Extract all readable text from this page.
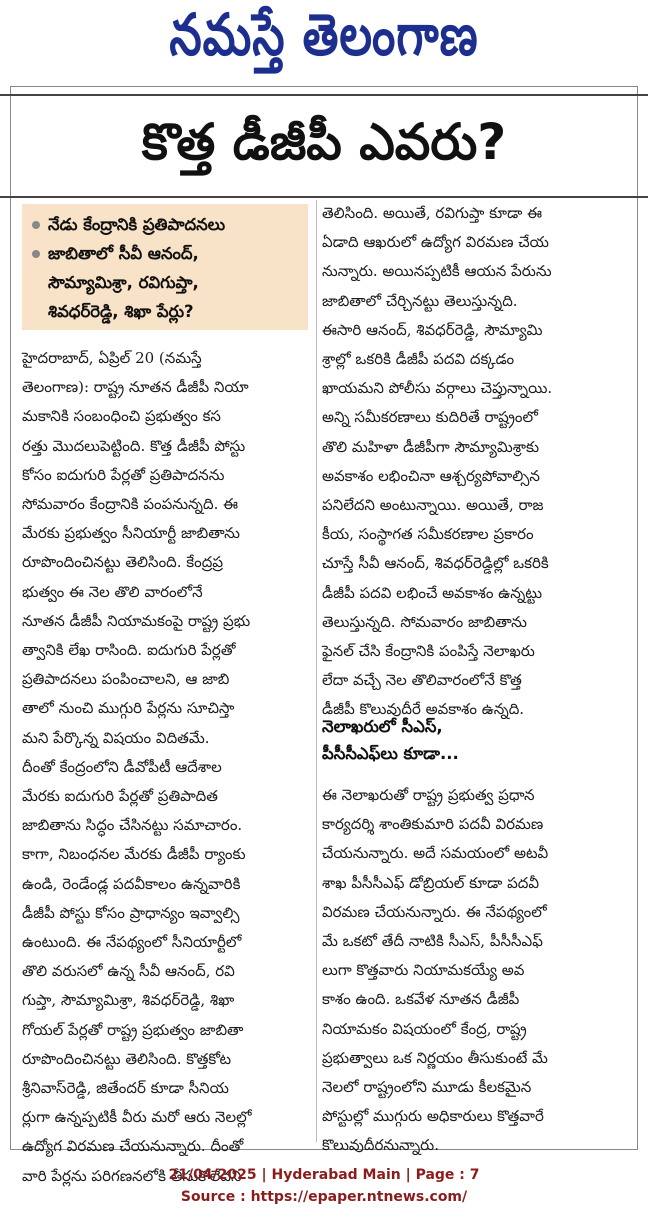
నమస్తే తెలంగాణ
కొత్త డీజీపీ ఎవరు?
నేడు కేంద్రానికి ప్రతిపాదనలు
జాబితాలో సీవీ ఆనంద్,
సౌమ్యామిశ్రా, రవిగుప్తా,
శివధర్‌రెడ్డి, శిఖా పేర్లు?
హైదరాబాద్, ఏప్రిల్ 20 (నమస్తే
తెలంగాణ): రాష్ట్ర నూతన డీజీపీ నియా
మకానికి సంబంధించి ప్రభుత్వం కస
రత్తు మొదలుపెట్టింది. కొత్త డీజీపీ పోస్టు
కోసం ఐదుగురి పేర్లతో ప్రతిపాదనను
సోమవారం కేంద్రానికి పంపనున్నది. ఈ
మేరకు ప్రభుత్వం సీనియార్టీ జాబితాను
రూపొందించినట్టు తెలిసింది. కేంద్రప్ర
భుత్వం ఈ నెల తొలి వారంలోనే
నూతన డీజీపీ నియామకంపై రాష్ట్ర ప్రభు
త్వానికి లేఖ రాసింది. ఐదుగురి పేర్లతో
ప్రతిపాదనలు పంపించాలని, ఆ జాబి
తాలో నుంచి ముగ్గురి పేర్లను సూచిస్తా
మని పేర్కొన్న విషయం విదితమే.
దీంతో కేంద్రంలోని డీవోపీటీ ఆదేశాల
మేరకు ఐదుగురి పేర్లతో ప్రతిపాదిత
జాబితాను సిద్ధం చేసినట్టు సమాచారం.
కాగా, నిబంధనల మేరకు డీజీపీ ర్యాంకు
ఉండి, రెండేండ్ల పదవీకాలం ఉన్నవారికి
డీజీపీ పోస్టు కోసం ప్రాధాన్యం ఇవ్వాల్సి
ఉంటుంది. ఈ నేపథ్యంలో సీనియార్టీలో
తొలి వరుసలో ఉన్న సీవీ ఆనంద్, రవి
గుప్తా, సౌమ్యామిశ్రా, శివధర్‌రెడ్డి, శిఖా
గోయల్ పేర్లతో రాష్ట్ర ప్రభుత్వం జాబితా
రూపొందించినట్టు తెలిసింది. కొత్తకోట
శ్రీనివాస్‌రెడ్డి, జితేందర్ కూడా సీనియ
ర్లుగా ఉన్నప్పటికీ వీరు మరో ఆరు నెలల్లో
ఉద్యోగ విరమణ చేయనున్నారు. దీంతో
వారి పేర్లను పరిగణనలోకి తీసుకోలేదని
తెలిసింది. అయితే, రవిగుప్తా కూడా ఈ
ఏడాది ఆఖరులో ఉద్యోగ విరమణ చేయ
నున్నారు. అయినప్పటికీ ఆయన పేరును
జాబితాలో చేర్చినట్టు తెలుస్తున్నది.
ఈసారి ఆనంద్, శివధర్‌రెడ్డి, సౌమ్యామి
శ్రాల్లో ఒకరికి డీజీపీ పదవి దక్కడం
ఖాయమని పోలీసు వర్గాలు చెప్తున్నాయి.
అన్ని సమీకరణాలు కుదిరితే రాష్ట్రంలో
తొలి మహిళా డీజీపీగా సౌమ్యామిశ్రాకు
అవకాశం లభించినా ఆశ్చర్యపోవాల్సిన
పనిలేదని అంటున్నాయి. అయితే, రాజ
కీయ, సంస్థాగత సమీకరణాల ప్రకారం
చూస్తే సీవీ ఆనంద్, శివధర్‌రెడ్డిల్లో ఒకరికి
డీజీపీ పదవి లభించే అవకాశం ఉన్నట్టు
తెలుస్తున్నది. సోమవారం జాబితాను
ఫైనల్ చేసి కేంద్రానికి పంపిస్తే నెలాఖరు
లేదా వచ్చే నెల తొలివారంలోనే కొత్త
డీజీపీ కొలువుదీరే అవకాశం ఉన్నది.
నెలాఖరులో సీఎస్,
పీసీసీఎఫ్‌లు కూడా...
ఈ నెలాఖరుతో రాష్ట్ర ప్రభుత్వ ప్రధాన
కార్యదర్శి శాంతికుమారి పదవీ విరమణ
చేయనున్నారు. అదే సమయంలో అటవీ
శాఖ పీసీసీఎఫ్ డోబ్రియల్ కూడా పదవీ
విరమణ చేయనున్నారు. ఈ నేపథ్యంలో
మే ఒకటో తేదీ నాటికి సీఎస్, పీసీసీఎఫ్
లుగా కొత్తవారు నియామకయ్యే అవ
కాశం ఉంది. ఒకవేళ నూతన డీజీపీ
నియామకం విషయంలో కేంద్ర, రాష్ట్ర
ప్రభుత్వాలు ఒక నిర్ణయం తీసుకుంటే మే
నెలలో రాష్ట్రంలోని మూడు కీలకమైన
పోస్టుల్లో ముగ్గురు అధికారులు కొత్తవారే
కొలువుదీరనున్నారు.
21/04/2025 | Hyderabad Main | Page : 7
Source : https://epaper.ntnews.com/
